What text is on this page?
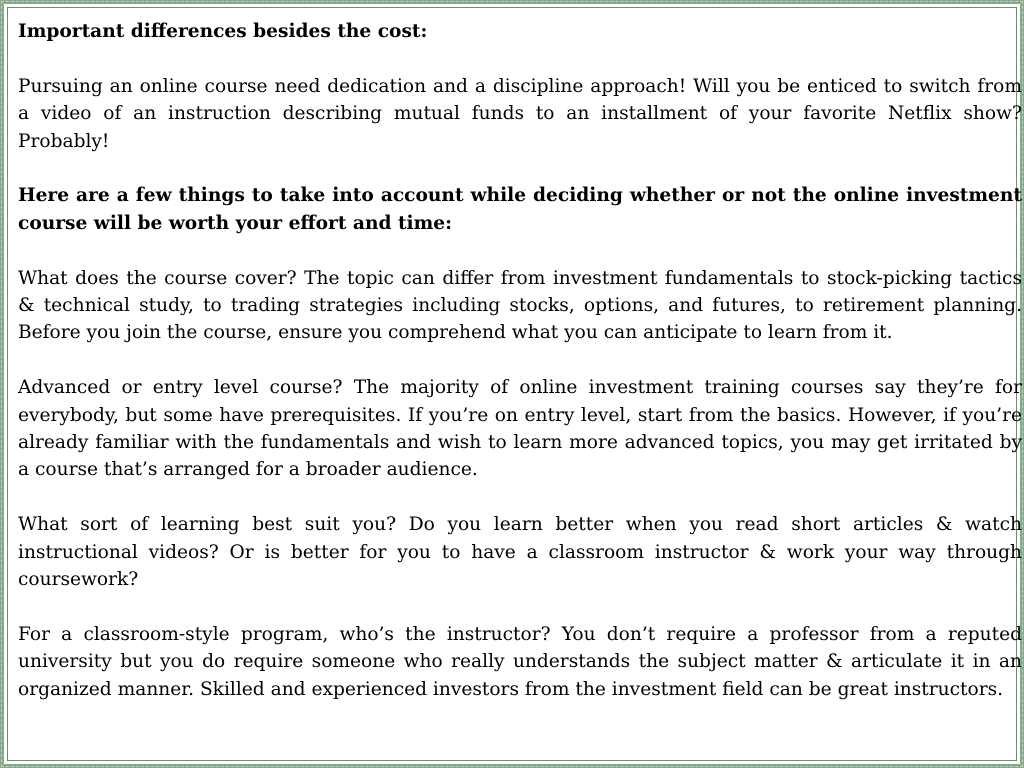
Important differences besides the cost:

Pursuing an online course need dedication and a discipline approach! Will you be enticed to switch from a video of an instruction describing mutual funds to an installment of your favorite Netflix show? Probably!

Here are a few things to take into account while deciding whether or not the online investment course will be worth your effort and time:

What does the course cover? The topic can differ from investment fundamentals to stock-picking tactics & technical study, to trading strategies including stocks, options, and futures, to retirement planning. Before you join the course, ensure you comprehend what you can anticipate to learn from it.

Advanced or entry level course? The majority of online investment training courses say they’re for everybody, but some have prerequisites. If you’re on entry level, start from the basics. However, if you’re already familiar with the fundamentals and wish to learn more advanced topics, you may get irritated by a course that’s arranged for a broader audience.

What sort of learning best suit you? Do you learn better when you read short articles & watch instructional videos? Or is better for you to have a classroom instructor & work your way through coursework?

For a classroom-style program, who’s the instructor? You don’t require a professor from a reputed university but you do require someone who really understands the subject matter & articulate it in an organized manner. Skilled and experienced investors from the investment field can be great instructors.
